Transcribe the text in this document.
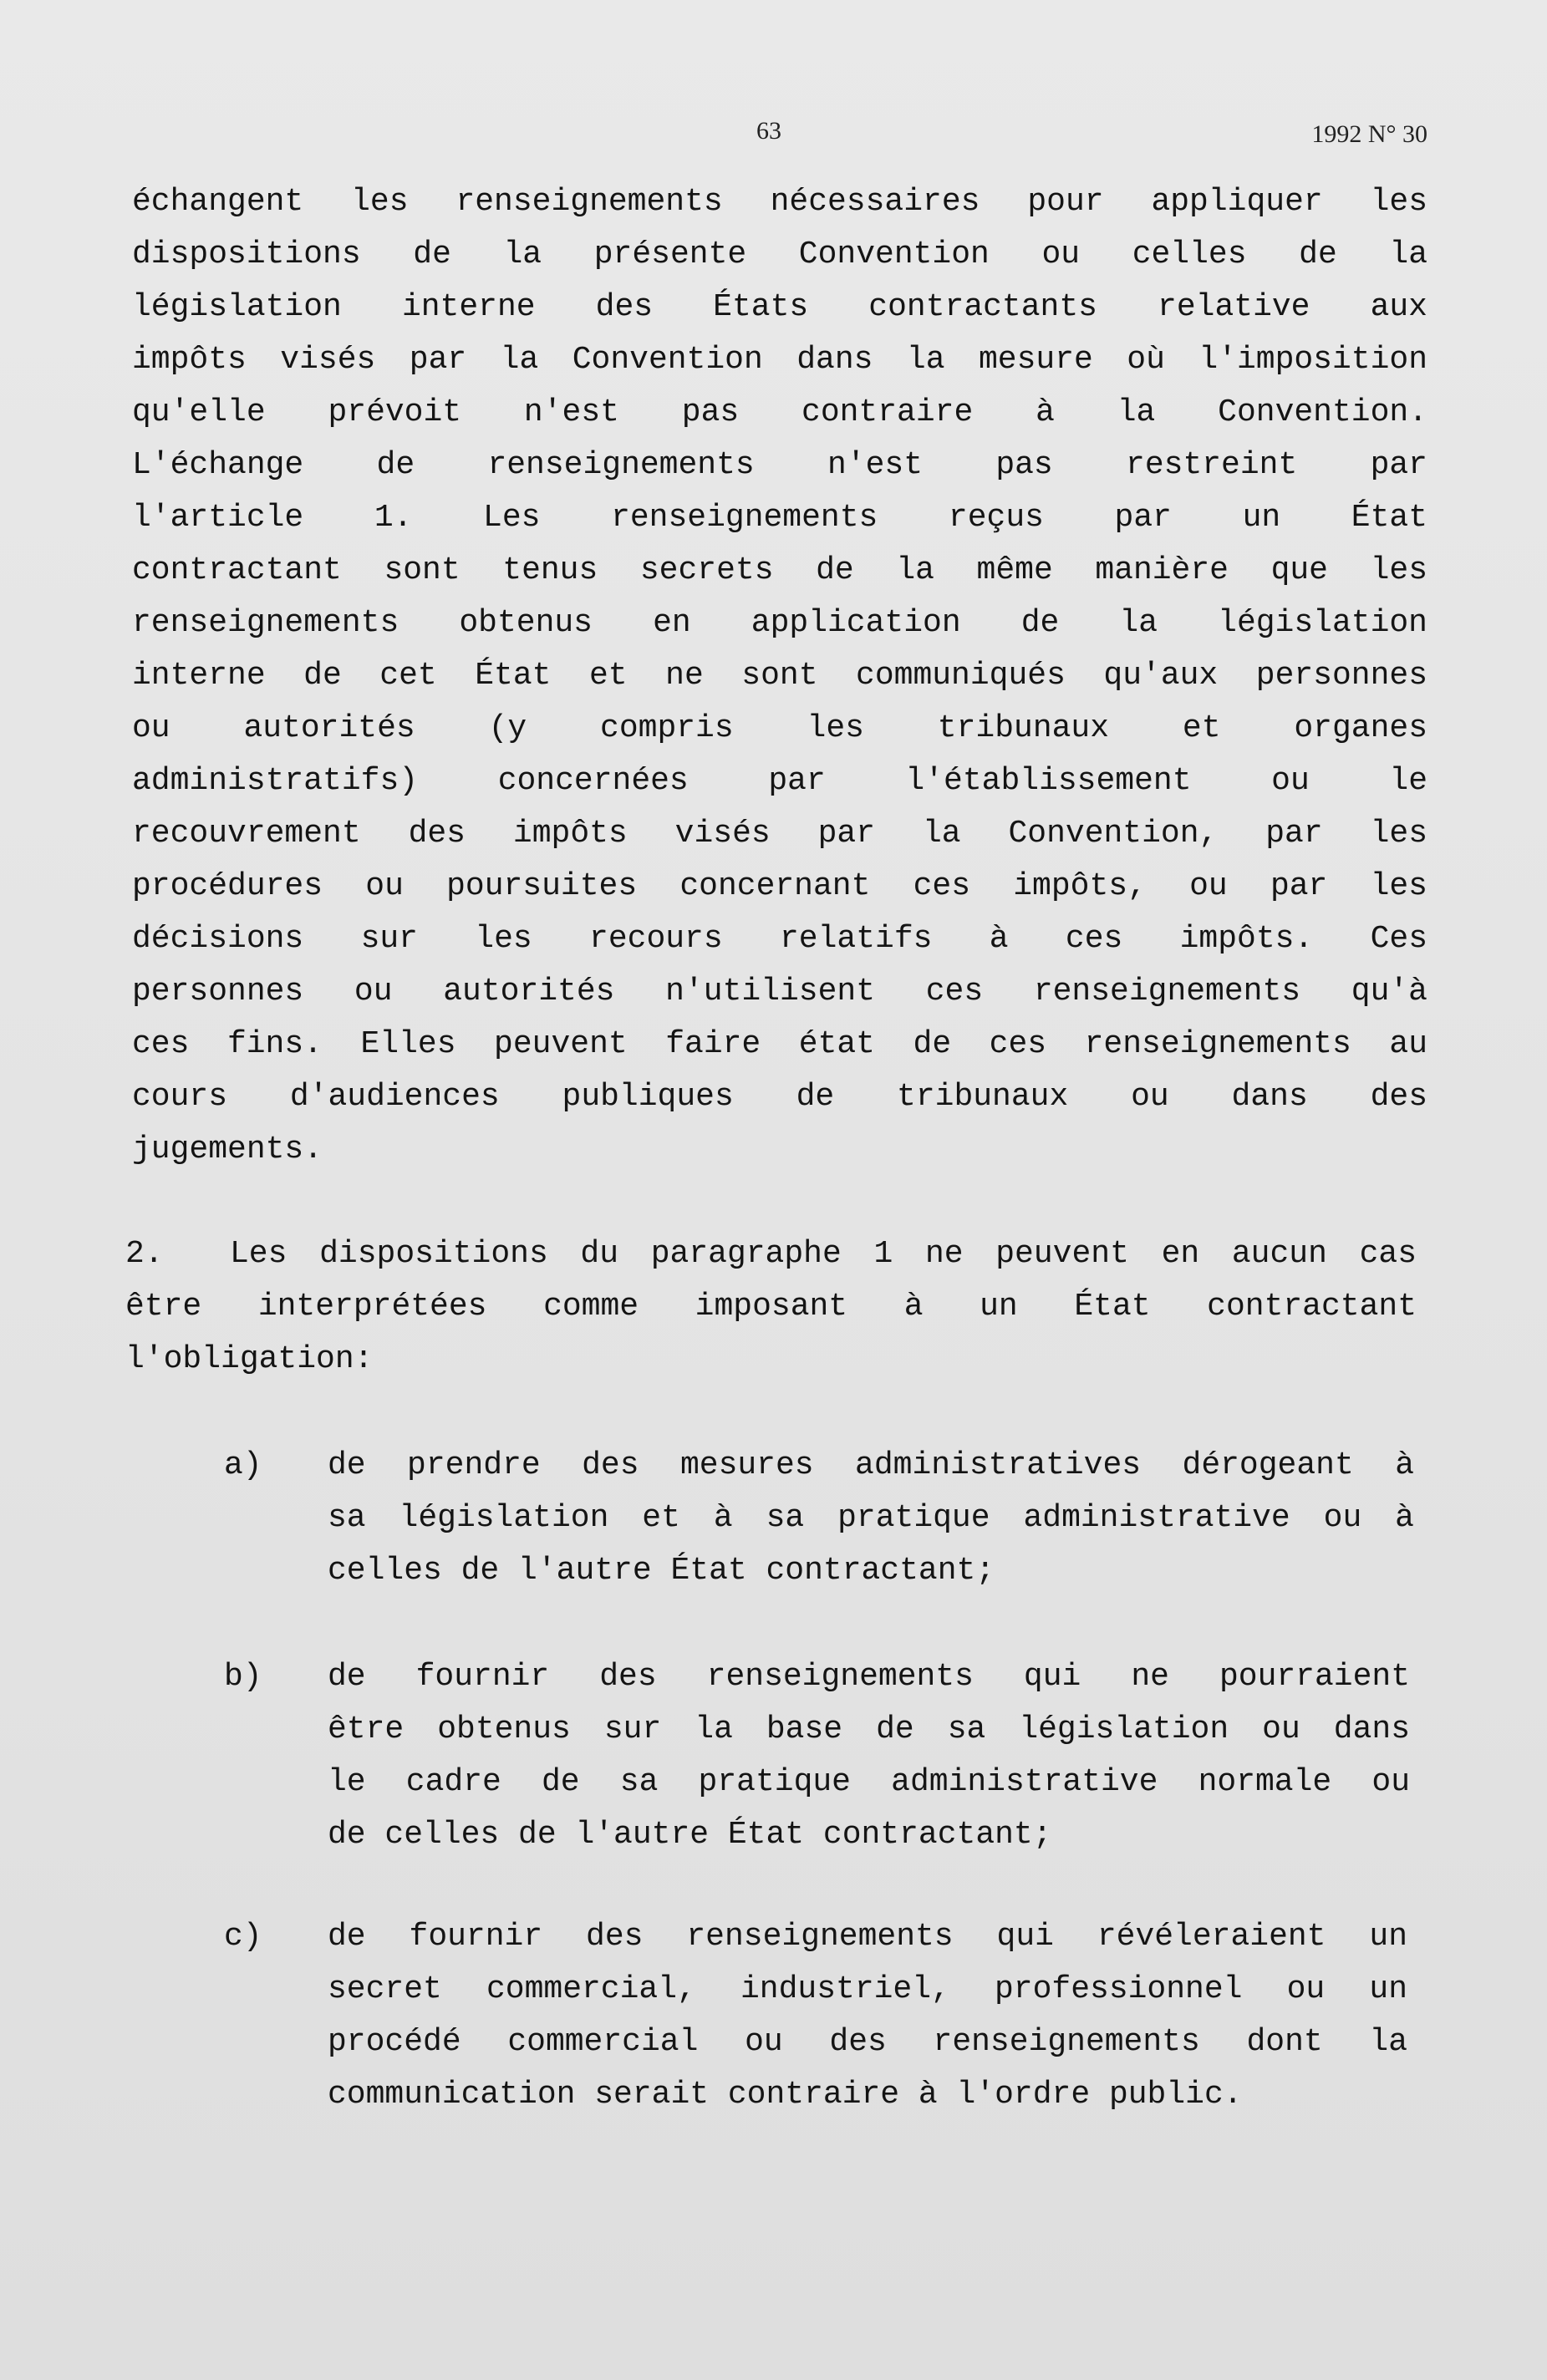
63	1992 N° 30
échangent les renseignements nécessaires pour appliquer les
dispositions de la présente Convention ou celles de la
législation interne des États contractants relative aux
impôts visés par la Convention dans la mesure où l'imposition
qu'elle prévoit n'est pas contraire à la Convention.
L'échange de renseignements n'est pas restreint par
l'article 1. Les renseignements reçus par un État
contractant sont tenus secrets de la même manière que les
renseignements obtenus en application de la législation
interne de cet État et ne sont communiqués qu'aux personnes
ou autorités (y compris les tribunaux et organes
administratifs) concernées par l'établissement ou le
recouvrement des impôts visés par la Convention, par les
procédures ou poursuites concernant ces impôts, ou par les
décisions sur les recours relatifs à ces impôts. Ces
personnes ou autorités n'utilisent ces renseignements qu'à
ces fins. Elles peuvent faire état de ces renseignements au
cours d'audiences publiques de tribunaux ou dans des
jugements.
2. Les dispositions du paragraphe 1 ne peuvent en aucun cas
être interprétées comme imposant à un État contractant
l'obligation:
a) de prendre des mesures administratives dérogeant à
sa législation et à sa pratique administrative ou à
celles de l'autre État contractant;
b) de fournir des renseignements qui ne pourraient
être obtenus sur la base de sa législation ou dans
le cadre de sa pratique administrative normale ou
de celles de l'autre État contractant;
c) de fournir des renseignements qui révéleraient un
secret commercial, industriel, professionnel ou un
procédé commercial ou des renseignements dont la
communication serait contraire à l'ordre public.
